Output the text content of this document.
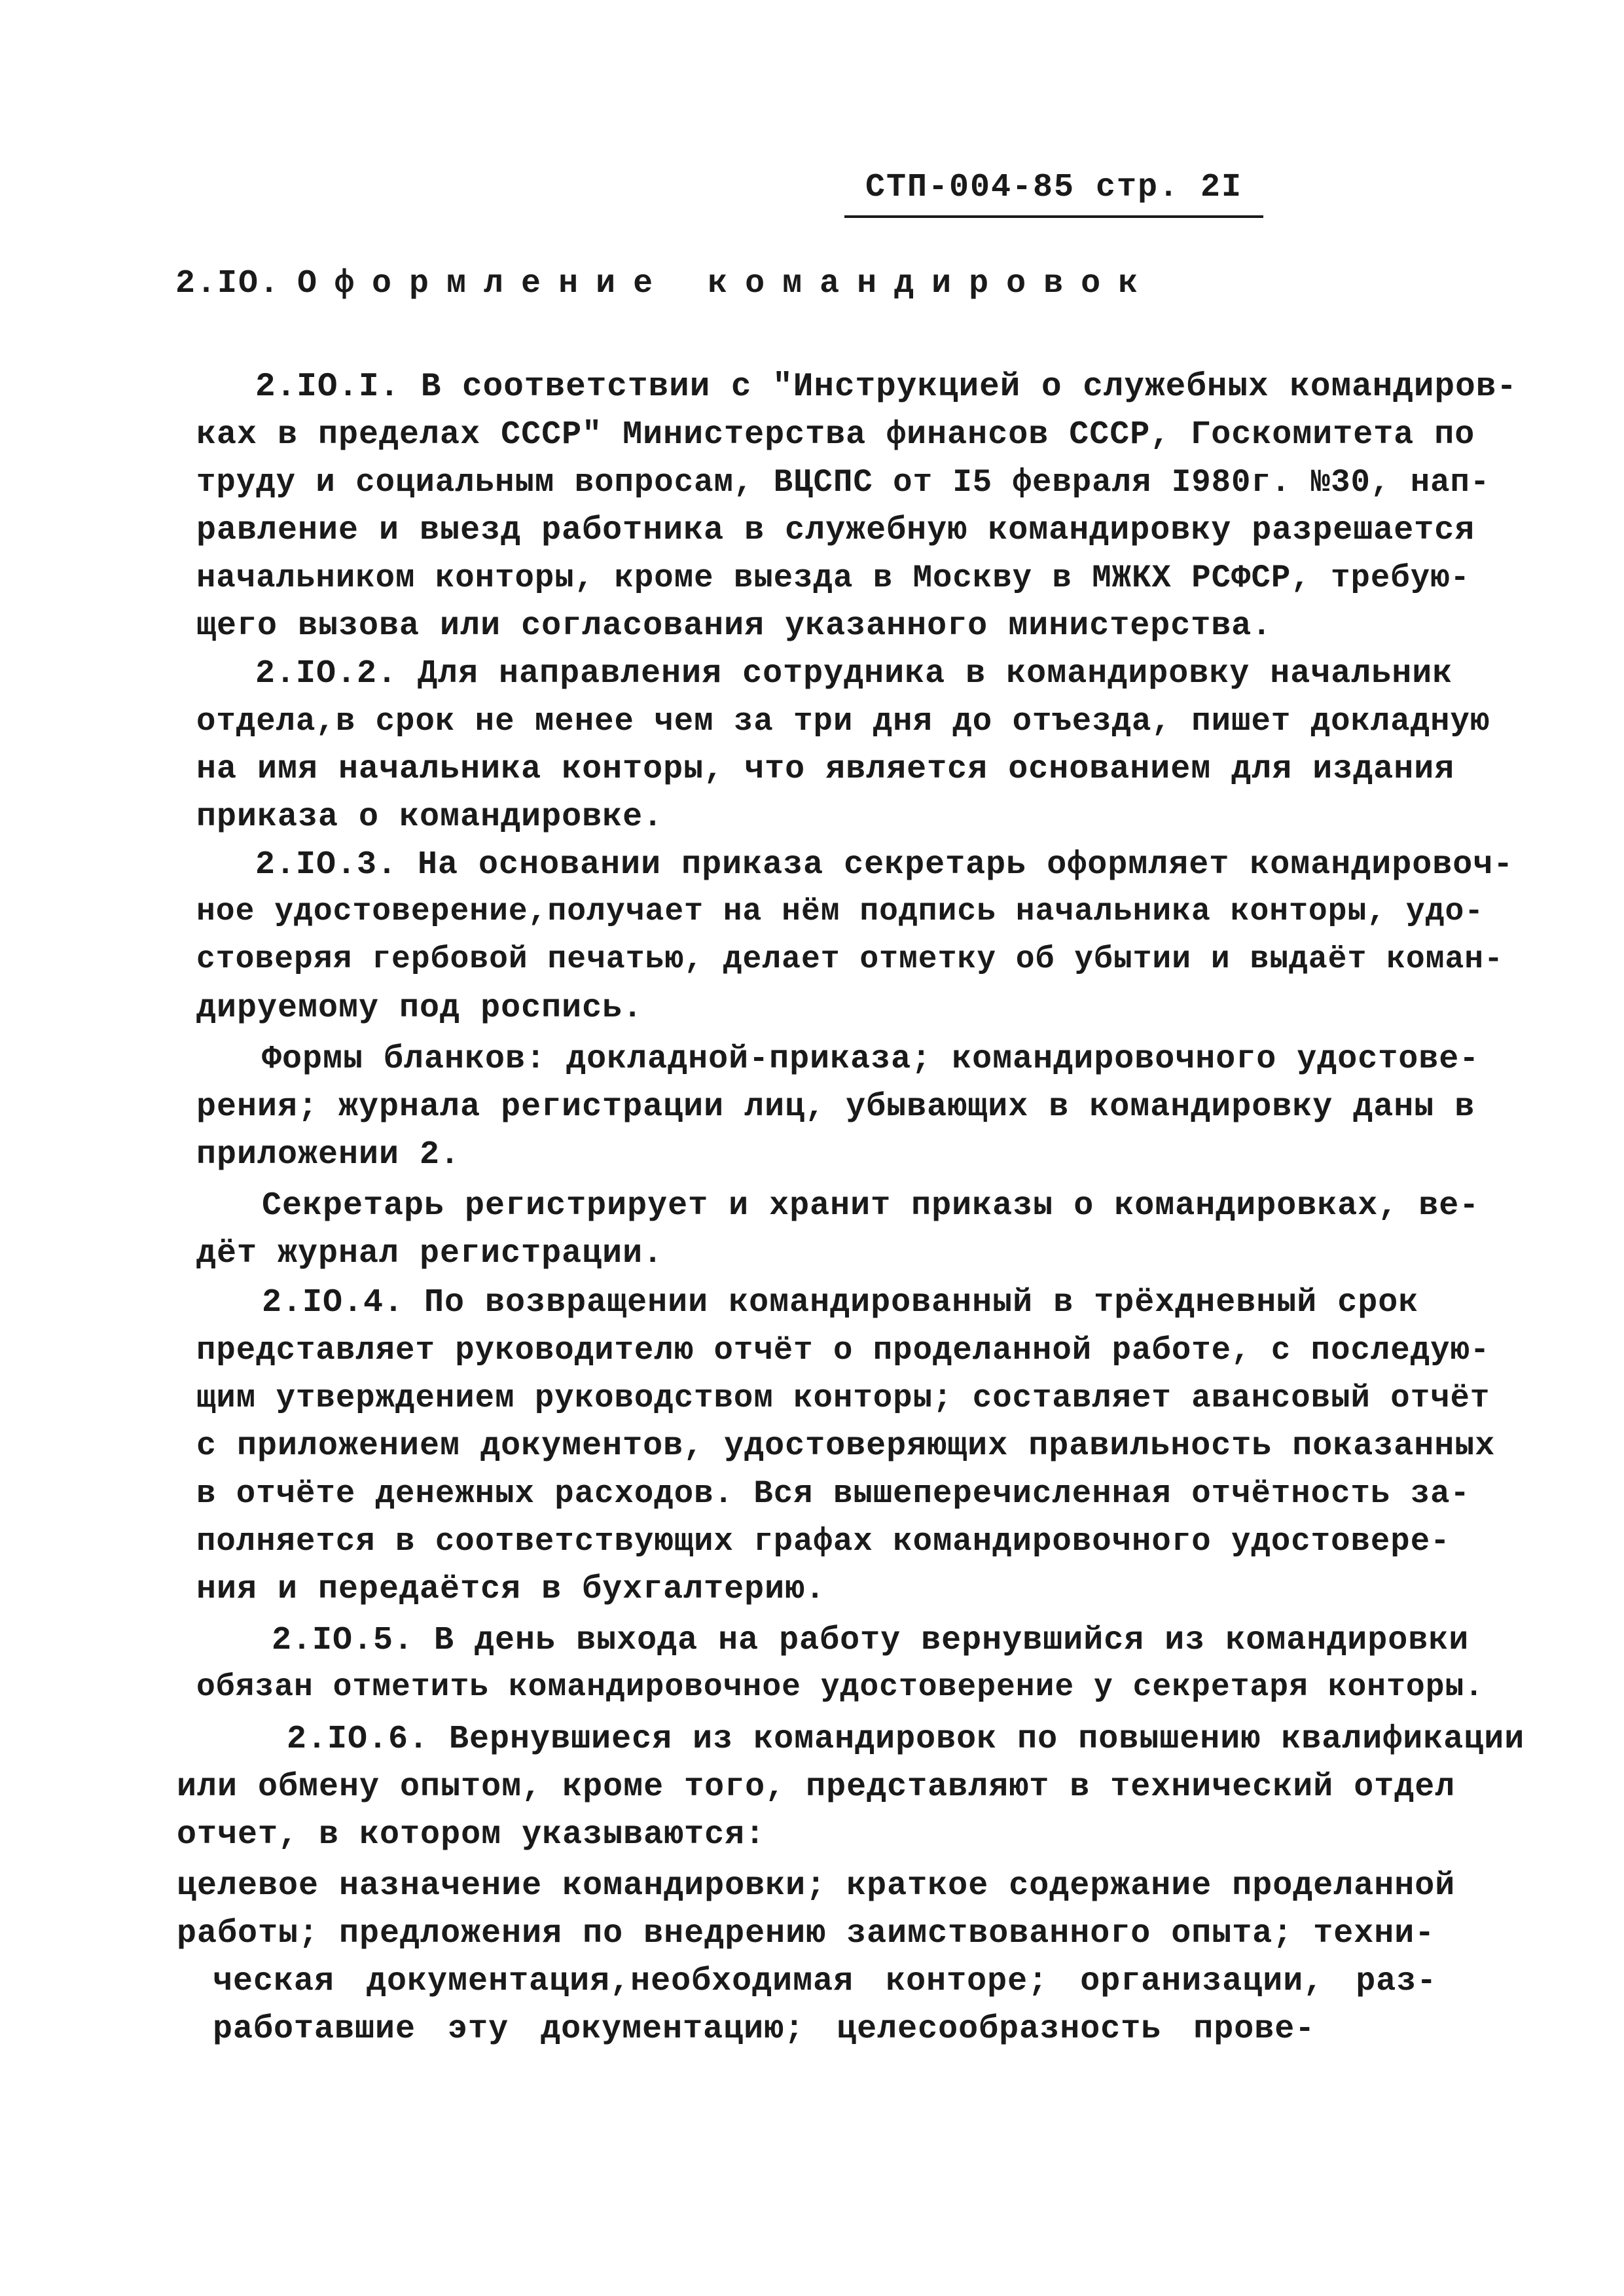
СТП-004-85 стр. 2I
2.IO. Оформление командировок
2.IO.I. В соответствии с "Инструкцией о служебных командиров-
ках в пределах СССР" Министерства финансов СССР, Госкомитета по
труду и социальным вопросам, ВЦСПС от I5 февраля I980г. №30, нап-
равление и выезд работника в служебную командировку разрешается
начальником конторы, кроме выезда в Москву в МЖКХ РСФСР, требую-
щего вызова или согласования указанного министерства.
2.IO.2. Для направления сотрудника в командировку начальник
отдела,в срок не менее чем за три дня до отъезда, пишет докладную
на имя начальника конторы, что является основанием для издания
приказа о командировке.
2.IO.3. На основании приказа секретарь оформляет командировоч-
ное удостоверение,получает на нём подпись начальника конторы, удо-
стоверяя гербовой печатью, делает отметку об убытии и выдаёт коман-
дируемому под роспись.
Формы бланков: докладной-приказа; командировочного удостове-
рения; журнала регистрации лиц, убывающих в командировку даны в
приложении 2.
Секретарь регистрирует и хранит приказы о командировках, ве-
дёт журнал регистрации.
2.IO.4. По возвращении командированный в трёхдневный срок
представляет руководителю отчёт о проделанной работе, с последую-
щим утверждением руководством конторы; составляет авансовый отчёт
с приложением документов, удостоверяющих правильность показанных
в отчёте денежных расходов. Вся вышеперечисленная отчётность за-
полняется в соответствующих графах командировочного удостовере-
ния и передаётся в бухгалтерию.
2.IO.5. В день выхода на работу вернувшийся из командировки
обязан отметить командировочное удостоверение у секретаря конторы.
2.IO.6. Вернувшиеся из командировок по повышению квалификации
или обмену опытом, кроме того, представляют в технический отдел
отчет, в котором указываются:
целевое назначение командировки; краткое содержание проделанной
работы; предложения по внедрению заимствованного опыта; техни-
ческая документация,необходимая конторе; организации, раз-
работавшие эту документацию; целесообразность прове-
